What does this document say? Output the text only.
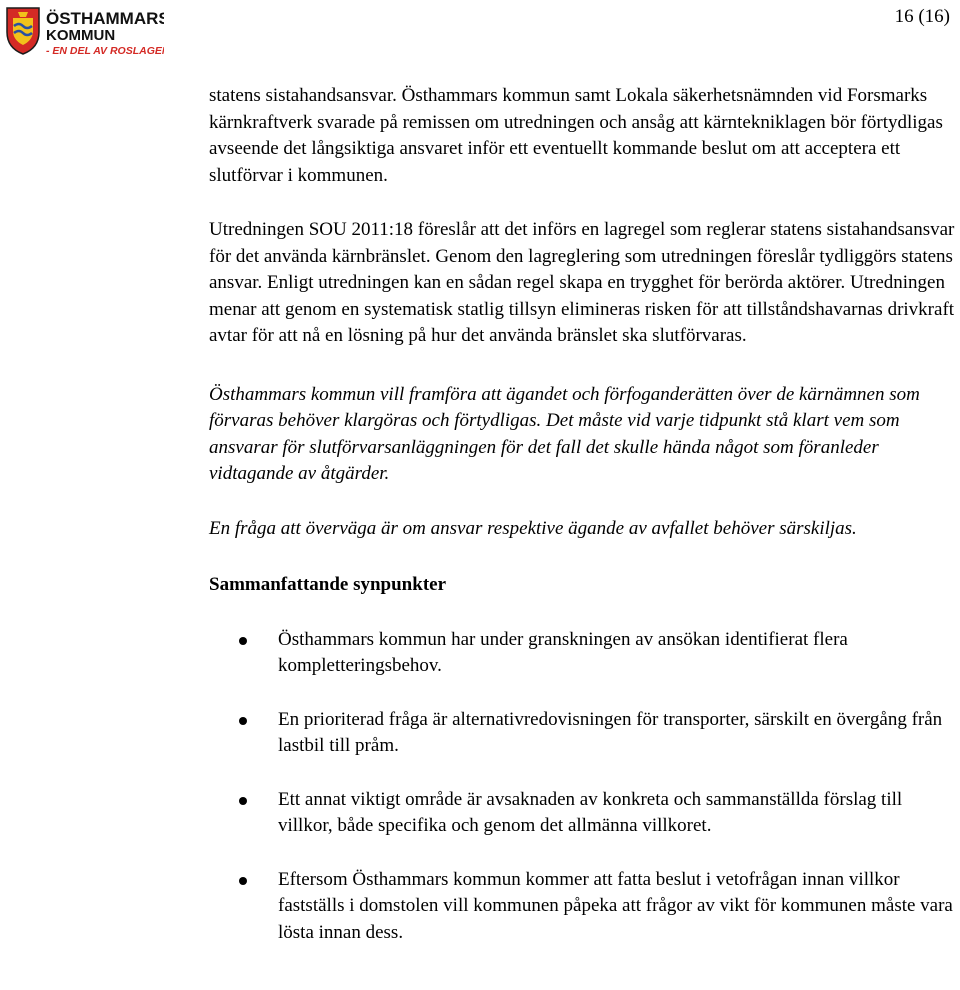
ÖSTHAMMARS
KOMMUN
- EN DEL AV ROSLAGEN
16 (16)

statens sistahandsansvar. Östhammars kommun samt Lokala säkerhetsnämnden vid Forsmarks kärnkraftverk svarade på remissen om utredningen och ansåg att kärntekniklagen bör förtydligas avseende det långsiktiga ansvaret inför ett eventuellt kommande beslut om att acceptera ett slutförvar i kommunen.

Utredningen SOU 2011:18 föreslår att det införs en lagregel som reglerar statens sistahandsansvar för det använda kärnbränslet. Genom den lagreglering som utredningen föreslår tydliggörs statens ansvar. Enligt utredningen kan en sådan regel skapa en trygghet för berörda aktörer. Utredningen menar att genom en systematisk statlig tillsyn elimineras risken för att tillståndshavarnas drivkraft avtar för att nå en lösning på hur det använda bränslet ska slutförvaras.

Östhammars kommun vill framföra att ägandet och förfoganderätten över de kärnämnen som förvaras behöver klargöras och förtydligas. Det måste vid varje tidpunkt stå klart vem som ansvarar för slutförvarsanläggningen för det fall det skulle hända något som föranleder vidtagande av åtgärder.

En fråga att överväga är om ansvar respektive ägande av avfallet behöver särskiljas.

Sammanfattande synpunkter

Östhammars kommun har under granskningen av ansökan identifierat flera kompletteringsbehov.
En prioriterad fråga är alternativredovisningen för transporter, särskilt en övergång från lastbil till pråm.
Ett annat viktigt område är avsaknaden av konkreta och sammanställda förslag till villkor, både specifika och genom det allmänna villkoret.
Eftersom Östhammars kommun kommer att fatta beslut i vetofrågan innan villkor fastställs i domstolen vill kommunen påpeka att frågor av vikt för kommunen måste vara lösta innan dess.
